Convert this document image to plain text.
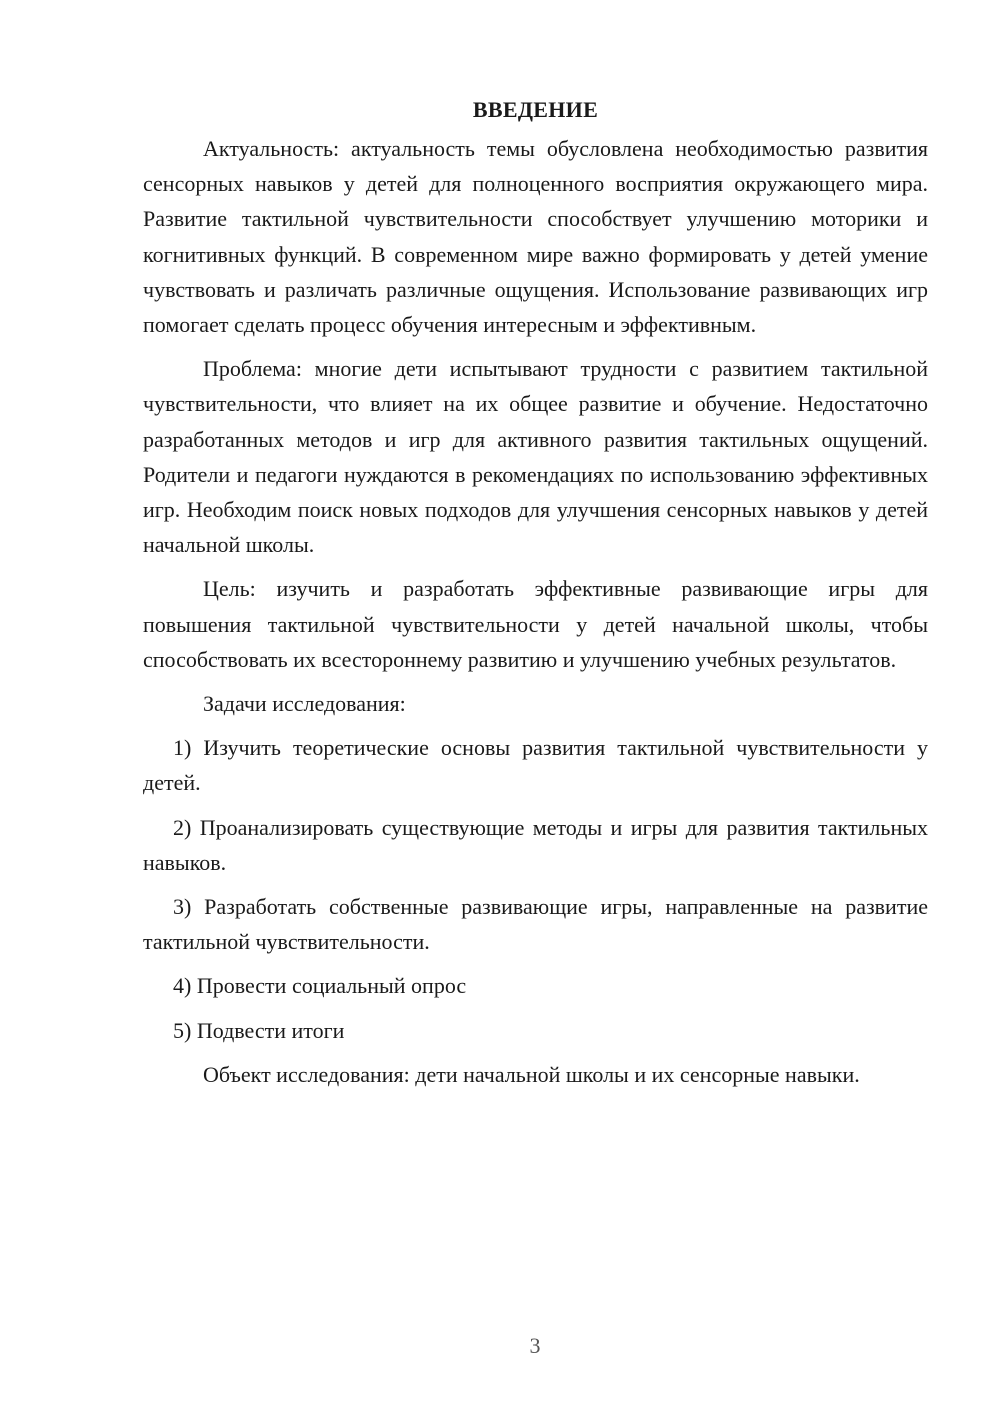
ВВЕДЕНИЕ

Актуальность: актуальность темы обусловлена необходимостью развития сенсорных навыков у детей для полноценного восприятия окружающего мира. Развитие тактильной чувствительности способствует улучшению моторики и когнитивных функций. В современном мире важно формировать у детей умение чувствовать и различать различные ощущения. Использование развивающих игр помогает сделать процесс обучения интересным и эффективным.

Проблема: многие дети испытывают трудности с развитием тактильной чувствительности, что влияет на их общее развитие и обучение. Недостаточно разработанных методов и игр для активного развития тактильных ощущений. Родители и педагоги нуждаются в рекомендациях по использованию эффективных игр. Необходим поиск новых подходов для улучшения сенсорных навыков у детей начальной школы.

Цель: изучить и разработать эффективные развивающие игры для повышения тактильной чувствительности у детей начальной школы, чтобы способствовать их всестороннему развитию и улучшению учебных результатов.

Задачи исследования:

1) Изучить теоретические основы развития тактильной чувствительности у детей.

2) Проанализировать существующие методы и игры для развития тактильных навыков.

3) Разработать собственные развивающие игры, направленные на развитие тактильной чувствительности.

4) Провести социальный опрос

5) Подвести итоги

Объект исследования: дети начальной школы и их сенсорные навыки.

3
